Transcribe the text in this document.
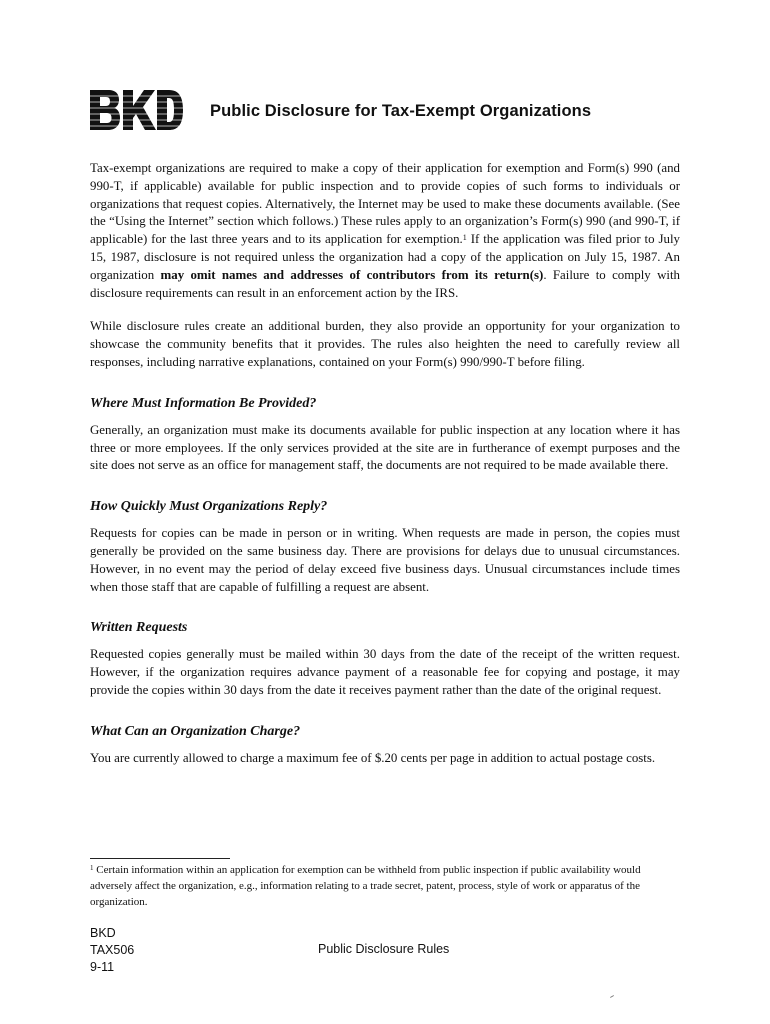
Public Disclosure for Tax-Exempt Organizations

Tax-exempt organizations are required to make a copy of their application for exemption and Form(s) 990 (and 990-T, if applicable) available for public inspection and to provide copies of such forms to individuals or organizations that request copies. Alternatively, the Internet may be used to make these documents available. (See the “Using the Internet” section which follows.) These rules apply to an organization’s Form(s) 990 (and 990-T, if applicable) for the last three years and to its application for exemption.$^1$ If the application was filed prior to July 15, 1987, disclosure is not required unless the organization had a copy of the application on July 15, 1987. An organization may omit names and addresses of contributors from its return(s). Failure to comply with disclosure requirements can result in an enforcement action by the IRS.

While disclosure rules create an additional burden, they also provide an opportunity for your organization to showcase the community benefits that it provides. The rules also heighten the need to carefully review all responses, including narrative explanations, contained on your Form(s) 990/990-T before filing.

Where Must Information Be Provided?

Generally, an organization must make its documents available for public inspection at any location where it has three or more employees. If the only services provided at the site are in furtherance of exempt purposes and the site does not serve as an office for management staff, the documents are not required to be made available there.

How Quickly Must Organizations Reply?

Requests for copies can be made in person or in writing. When requests are made in person, the copies must generally be provided on the same business day. There are provisions for delays due to unusual circumstances. However, in no event may the period of delay exceed five business days. Unusual circumstances include times when those staff that are capable of fulfilling a request are absent.

Written Requests

Requested copies generally must be mailed within 30 days from the date of the receipt of the written request. However, if the organization requires advance payment of a reasonable fee for copying and postage, it may provide the copies within 30 days from the date it receives payment rather than the date of the original request.

What Can an Organization Charge?

You are currently allowed to charge a maximum fee of $.20 cents per page in addition to actual postage costs.

$^1$ Certain information within an application for exemption can be withheld from public inspection if public availability would adversely affect the organization, e.g., information relating to a trade secret, patent, process, style of work or apparatus of the organization.
BKD
TAX506
9-11
Public Disclosure Rules
